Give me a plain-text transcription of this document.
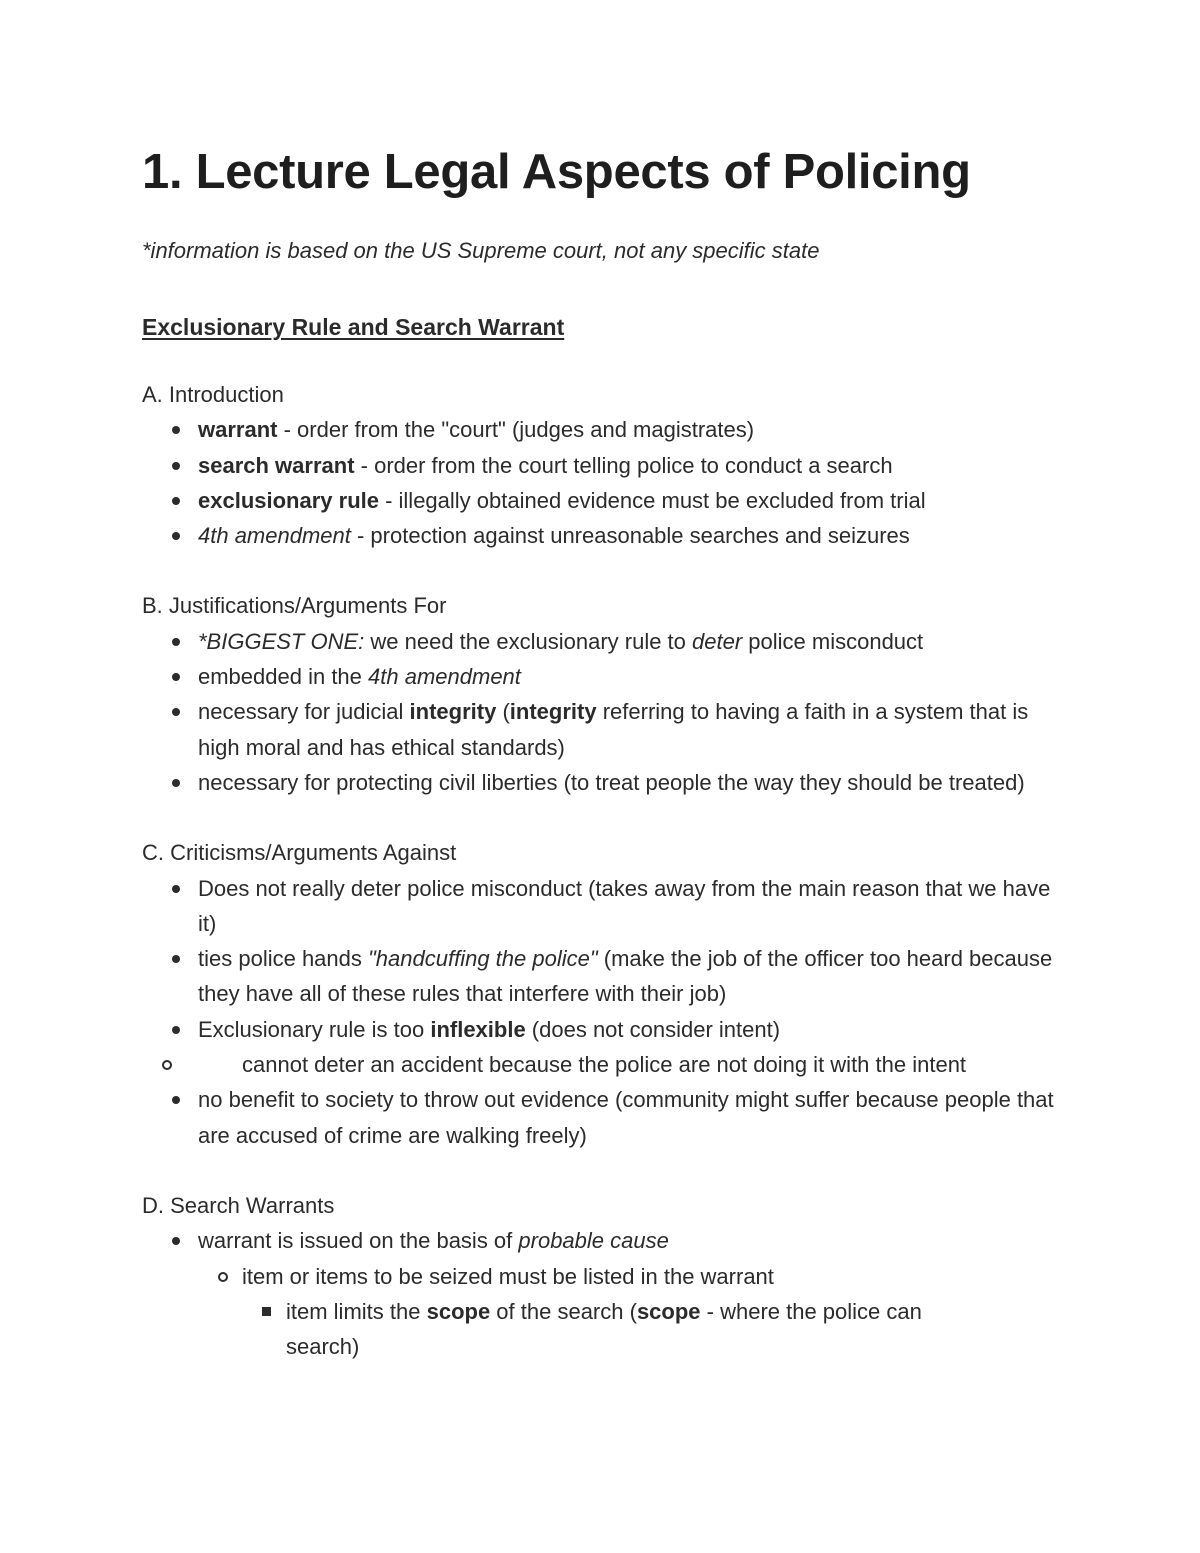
1. Lecture Legal Aspects of Policing

*information is based on the US Supreme court, not any specific state

Exclusionary Rule and Search Warrant

A. Introduction

warrant - order from the "court" (judges and magistrates)
search warrant - order from the court telling police to conduct a search
exclusionary rule - illegally obtained evidence must be excluded from trial
4th amendment - protection against unreasonable searches and seizures

B. Justifications/Arguments For

*BIGGEST ONE: we need the exclusionary rule to deter police misconduct
embedded in the 4th amendment
necessary for judicial integrity (integrity referring to having a faith in a system that is high moral and has ethical standards)
necessary for protecting civil liberties (to treat people the way they should be treated)

C. Criticisms/Arguments Against

Does not really deter police misconduct (takes away from the main reason that we have it)
ties police hands "handcuffing the police" (make the job of the officer too heard because they have all of these rules that interfere with their job)
Exclusionary rule is too inflexible (does not consider intent)
cannot deter an accident because the police are not doing it with the intent
no benefit to society to throw out evidence (community might suffer because people that are accused of crime are walking freely)

D. Search Warrants

warrant is issued on the basis of probable cause
item or items to be seized must be listed in the warrant
item limits the scope of the search (scope - where the police can search)
